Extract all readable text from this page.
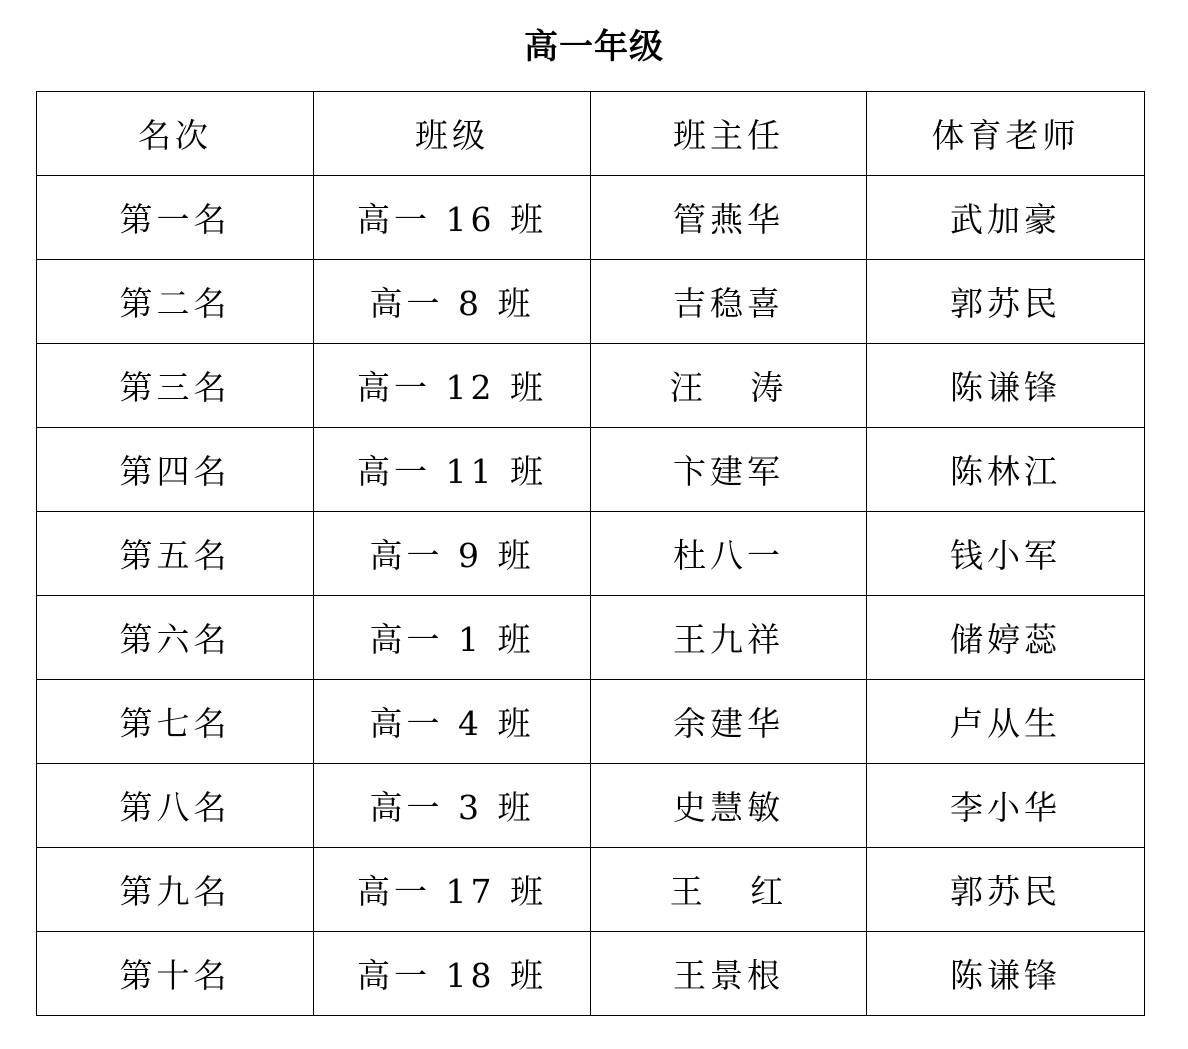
高一年级
名次	班级	班主任	体育老师
第一名	高一 16 班	管燕华	武加豪
第二名	高一 8 班	吉稳喜	郭苏民
第三名	高一 12 班	汪   涛	陈谦锋
第四名	高一 11 班	卞建军	陈林江
第五名	高一 9 班	杜八一	钱小军
第六名	高一 1 班	王九祥	储婷蕊
第七名	高一 4 班	余建华	卢从生
第八名	高一 3 班	史慧敏	李小华
第九名	高一 17 班	王   红	郭苏民
第十名	高一 18 班	王景根	陈谦锋
